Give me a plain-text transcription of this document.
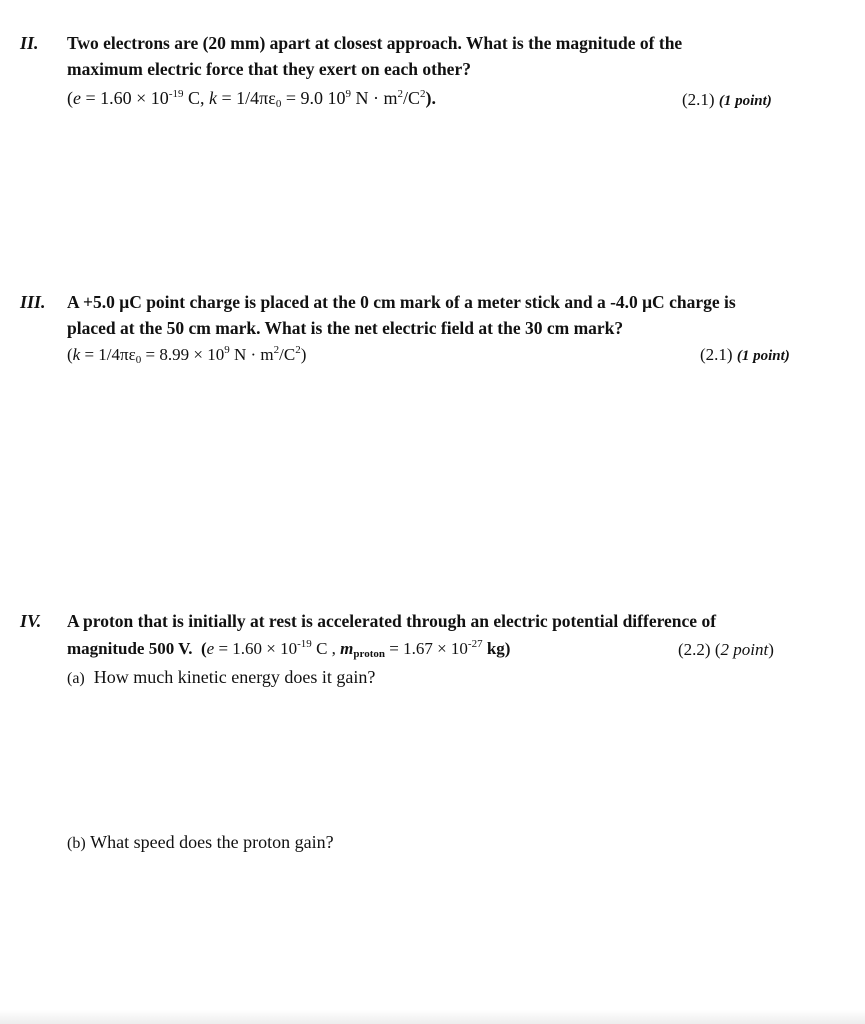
II. Two electrons are (20 mm) apart at closest approach. What is the magnitude of the
maximum electric force that they exert on each other?
($e = 1.60 \times 10^{-19}$ C, $k = 1/4\pi\varepsilon_0 = 9.0$ $10^9$ $N \cdot m^2/C^2$).	(2.1) (1 point)
III. A +5.0 μC point charge is placed at the 0 cm mark of a meter stick and a -4.0 μC charge is
placed at the 50 cm mark. What is the net electric field at the 30 cm mark?
($k = 1/4\pi\varepsilon_0 = 8.99 \times 10^9$ $N \cdot m^2/C^2$)	(2.1) (1 point)
IV. A proton that is initially at rest is accelerated through an electric potential difference of
magnitude 500 V. ($e = 1.60 \times 10^{-19}$ C , $m_{proton} = 1.67 \times 10^{-27}$ kg)	(2.2) (2 point)
(a) How much kinetic energy does it gain?
(b) What speed does the proton gain?
